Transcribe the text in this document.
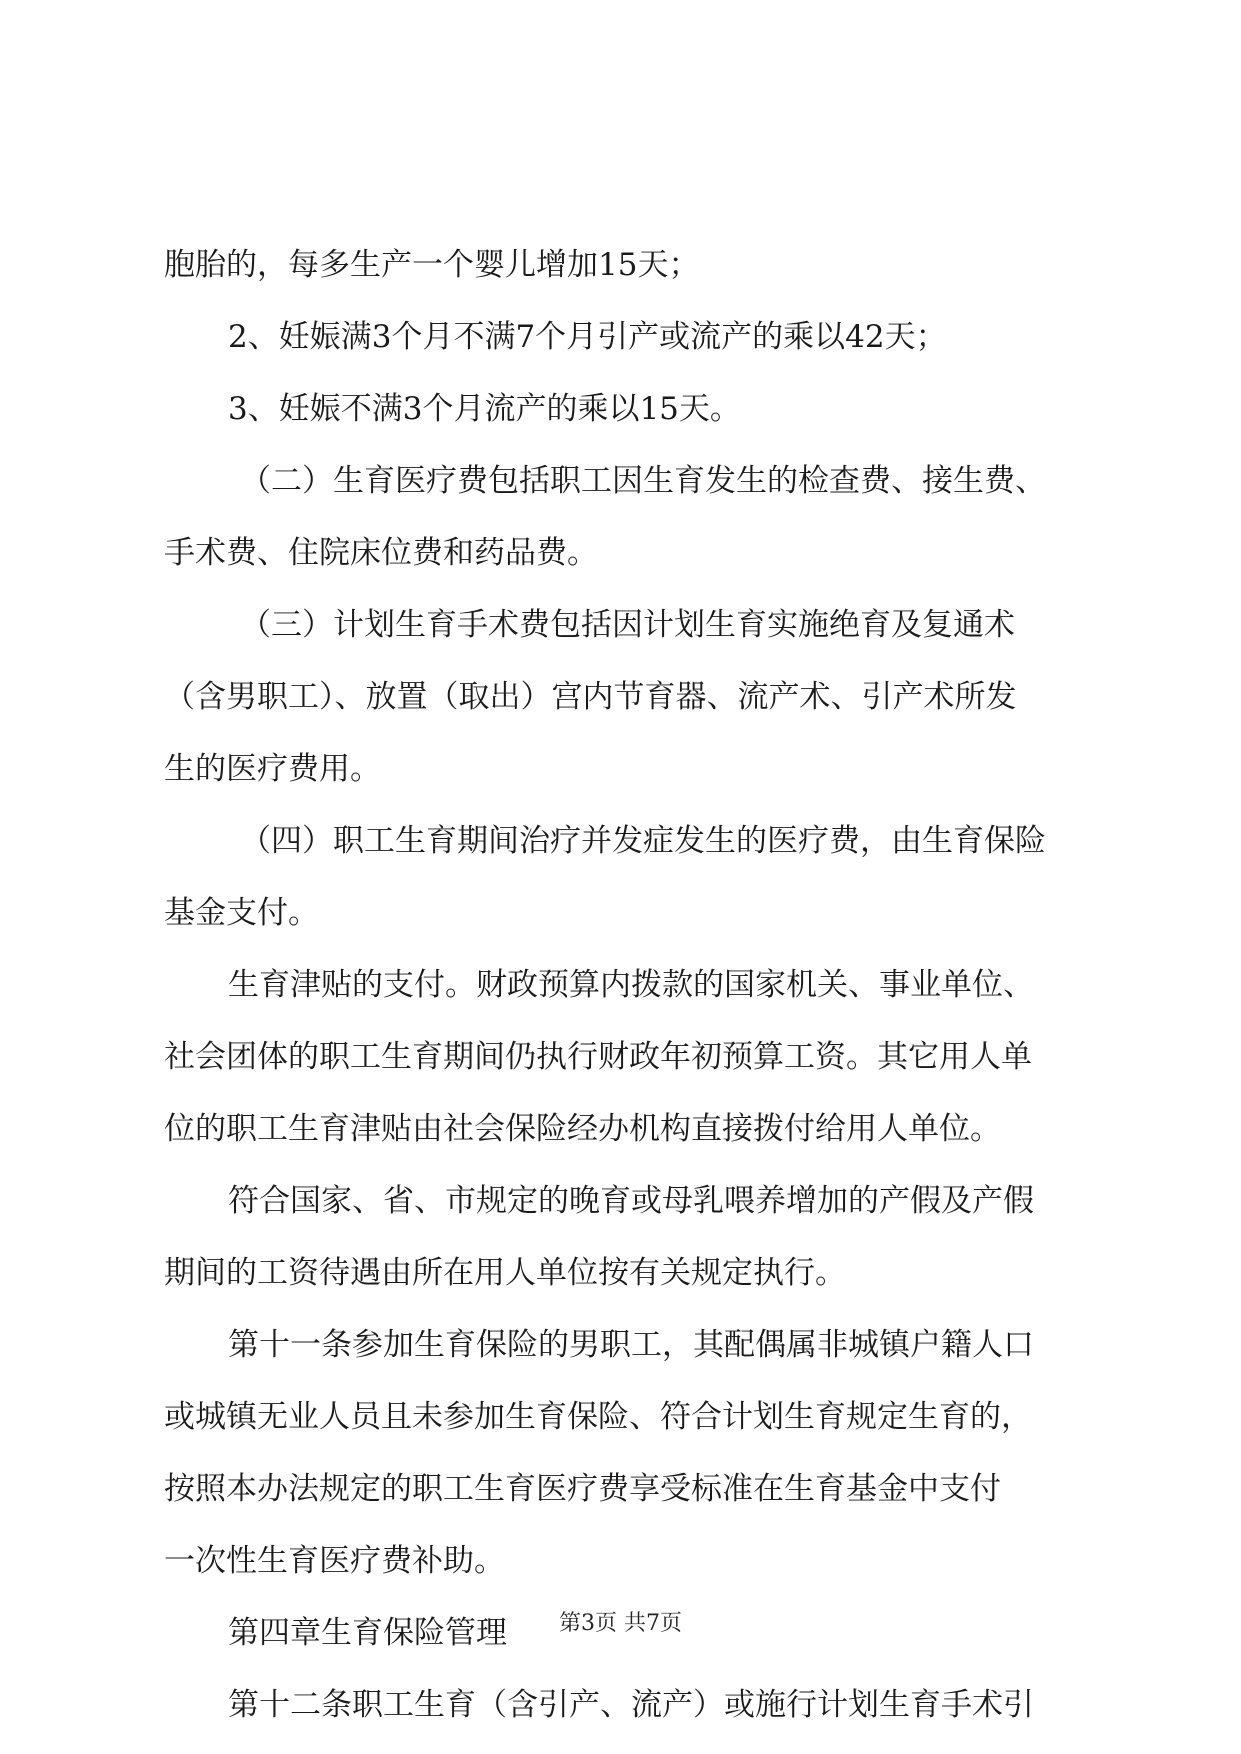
胞胎的，每多生产一个婴儿增加15天；
2、妊娠满3个月不满7个月引产或流产的乘以42天；
3、妊娠不满3个月流产的乘以15天。
（二）生育医疗费包括职工因生育发生的检查费、接生费、
手术费、住院床位费和药品费。
（三）计划生育手术费包括因计划生育实施绝育及复通术
（含男职工）、放置（取出）宫内节育器、流产术、引产术所发
生的医疗费用。
（四）职工生育期间治疗并发症发生的医疗费，由生育保险
基金支付。
生育津贴的支付。财政预算内拨款的国家机关、事业单位、
社会团体的职工生育期间仍执行财政年初预算工资。其它用人单
位的职工生育津贴由社会保险经办机构直接拨付给用人单位。
符合国家、省、市规定的晚育或母乳喂养增加的产假及产假
期间的工资待遇由所在用人单位按有关规定执行。
第十一条参加生育保险的男职工，其配偶属非城镇户籍人口
或城镇无业人员且未参加生育保险、符合计划生育规定生育的，
按照本办法规定的职工生育医疗费享受标准在生育基金中支付
一次性生育医疗费补助。
第四章生育保险管理
第十二条职工生育（含引产、流产）或施行计划生育手术引
第3页 共7页
